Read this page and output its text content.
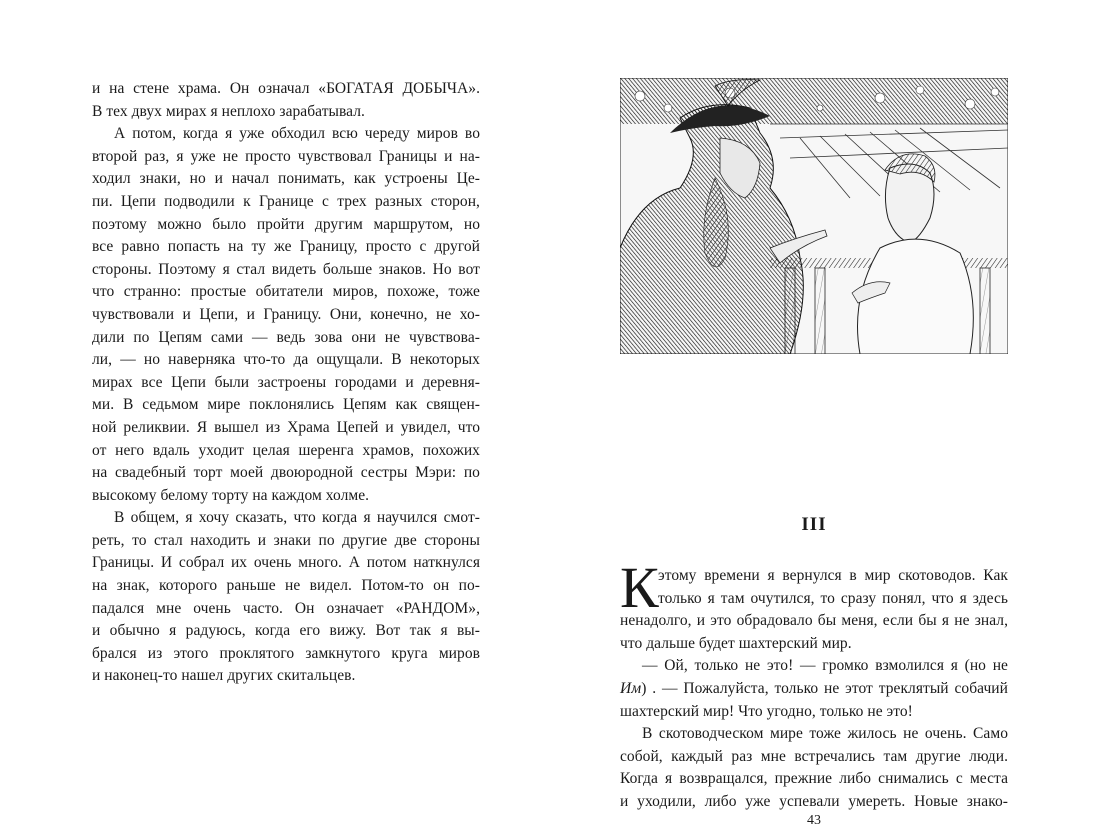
и на стене храма. Он означал «БОГАТАЯ ДОБЫЧА».
В тех двух мирах я неплохо зарабатывал.
А потом, когда я уже обходил всю череду миров во
второй раз, я уже не просто чувствовал Границы и на-
ходил знаки, но и начал понимать, как устроены Це-
пи. Цепи подводили к Границе с трех разных сторон,
поэтому можно было пройти другим маршрутом, но
все равно попасть на ту же Границу, просто с другой
стороны. Поэтому я стал видеть больше знаков. Но вот
что странно: простые обитатели миров, похоже, тоже
чувствовали и Цепи, и Границу. Они, конечно, не хо-
дили по Цепям сами — ведь зова они не чувствова-
ли, — но наверняка что-то да ощущали. В некоторых
мирах все Цепи были застроены городами и деревня-
ми. В седьмом мире поклонялись Цепям как священ-
ной реликвии. Я вышел из Храма Цепей и увидел, что
от него вдаль уходит целая шеренга храмов, похожих
на свадебный торт моей двоюродной сестры Мэри: по
высокому белому торту на каждом холме.
В общем, я хочу сказать, что когда я научился смот-
реть, то стал находить и знаки по другие две стороны
Границы. И собрал их очень много. А потом наткнулся
на знак, которого раньше не видел. Потом-то он по-
падался мне очень часто. Он означает «РАНДОМ»,
и обычно я радуюсь, когда его вижу. Вот так я вы-
брался из этого проклятого замкнутого круга миров
и наконец-то нашел других скитальцев.
III
К этому времени я вернулся в мир скотоводов. Как
только я там очутился, то сразу понял, что я здесь
ненадолго, и это обрадовало бы меня, если бы я не знал,
что дальше будет шахтерский мир.
— Ой, только не это! — громко взмолился я (но не
Им) . — Пожалуйста, только не этот треклятый собачий
шахтерский мир! Что угодно, только не это!
В скотоводческом мире тоже жилось не очень. Само
собой, каждый раз мне встречались там другие люди.
Когда я возвращался, прежние либо снимались с места
и уходили, либо уже успевали умереть. Новые знако-
43
